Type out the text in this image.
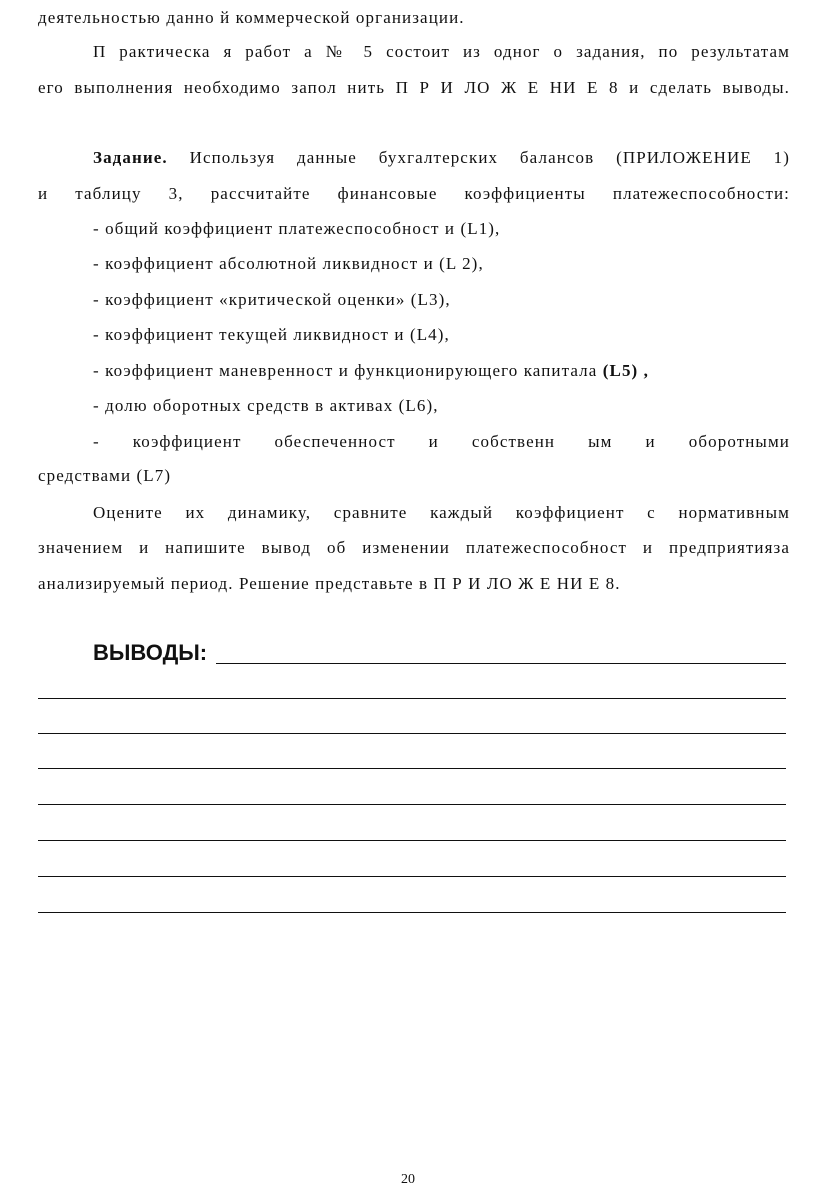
деятельностью данно й коммерческой организации.
П рактическа я работ а № 5 состоит из одног о задания, по результатам
его выполнения необходимо запол нить П Р И ЛО Ж Е НИ Е 8 и сделать выводы.
Задание. Используя данные бухгалтерских балансов (ПРИЛОЖЕНИЕ 1)
и таблицу 3, рассчитайте финансовые коэффициенты платежеспособности:
- общий коэффициент платежеспособност и (L1),
- коэффициент абсолютной ликвидност и (L 2),
- коэффициент «критической оценки» (L3),
- коэффициент текущей ликвидност и (L4),
- коэффициент маневренност и функционирующего капитала (L5) ,
- долю оборотных средств в активах (L6),
- коэффициент обеспеченност и собственн ым и оборотными
средствами (L7)
Оцените их динамику, сравните каждый коэффициент с нормативным
значением и напишите вывод об изменении платежеспособност и предприятияза
анализируемый период. Решение представьте в П Р И ЛО Ж Е НИ Е 8.
ВЫВОДЫ:
20
